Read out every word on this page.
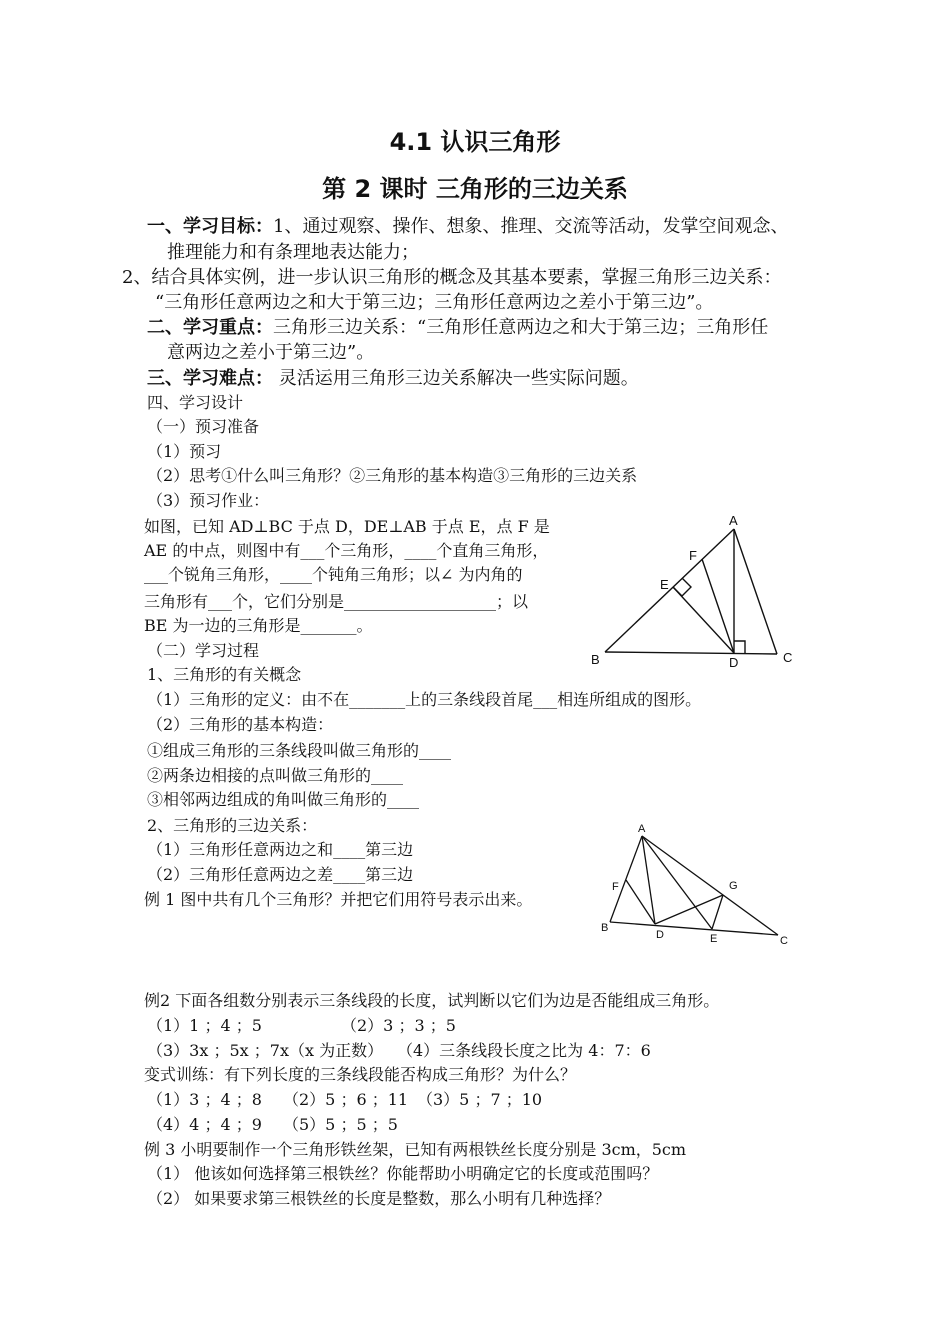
4.1 认识三角形
第 2 课时 三角形的三边关系
一、学习目标：1、通过观察、操作、想象、推理、交流等活动，发掌空间观念、
推理能力和有条理地表达能力；
2、结合具体实例，进一步认识三角形的概念及其基本要素，掌握三角形三边关系：
“三角形任意两边之和大于第三边；三角形任意两边之差小于第三边”。
二、学习重点：三角形三边关系：“三角形任意两边之和大于第三边；三角形任
意两边之差小于第三边”。
三、学习难点： 灵活运用三角形三边关系解决一些实际问题。
四、学习设计
（一）预习准备
（1）预习
（2）思考①什么叫三角形？②三角形的基本构造③三角形的三边关系
（3）预习作业：
如图，已知 AD⊥BC 于点 D，DE⊥AB 于点 E，点 F 是
AE 的中点，则图中有___个三角形，____个直角三角形，
___个锐角三角形，____个钝角三角形；以∠ 为内角的
三角形有___个，它们分别是___________________；以
BE 为一边的三角形是_______。
A
F
E
B	D	C
（二）学习过程
1、三角形的有关概念
（1）三角形的定义：由不在_______上的三条线段首尾___相连所组成的图形。
（2）三角形的基本构造：
①组成三角形的三条线段叫做三角形的____
②两条边相接的点叫做三角形的____
③相邻两边组成的角叫做三角形的____
2、三角形的三边关系：
（1）三角形任意两边之和____第三边
（2）三角形任意两边之差____第三边
例 1 图中共有几个三角形？并把它们用符号表示出来。
A
F	G
B
D	E	C
例2 下面各组数分别表示三条线段的长度，试判断以它们为边是否能组成三角形。
（1）1 ；4 ；5	（2）3 ；3 ；5
（3）3x ；5x ；7x（x 为正数） （4）三条线段长度之比为 4：7：6
变式训练：有下列长度的三条线段能否构成三角形？为什么？
（1）3 ；4 ；8 （2）5 ；6 ；11 （3）5 ；7 ；10
（4）4 ；4 ；9 （5）5 ；5 ；5
例 3 小明要制作一个三角形铁丝架，已知有两根铁丝长度分别是 3cm，5cm
（1） 他该如何选择第三根铁丝？你能帮助小明确定它的长度或范围吗？
（2） 如果要求第三根铁丝的长度是整数，那么小明有几种选择？
